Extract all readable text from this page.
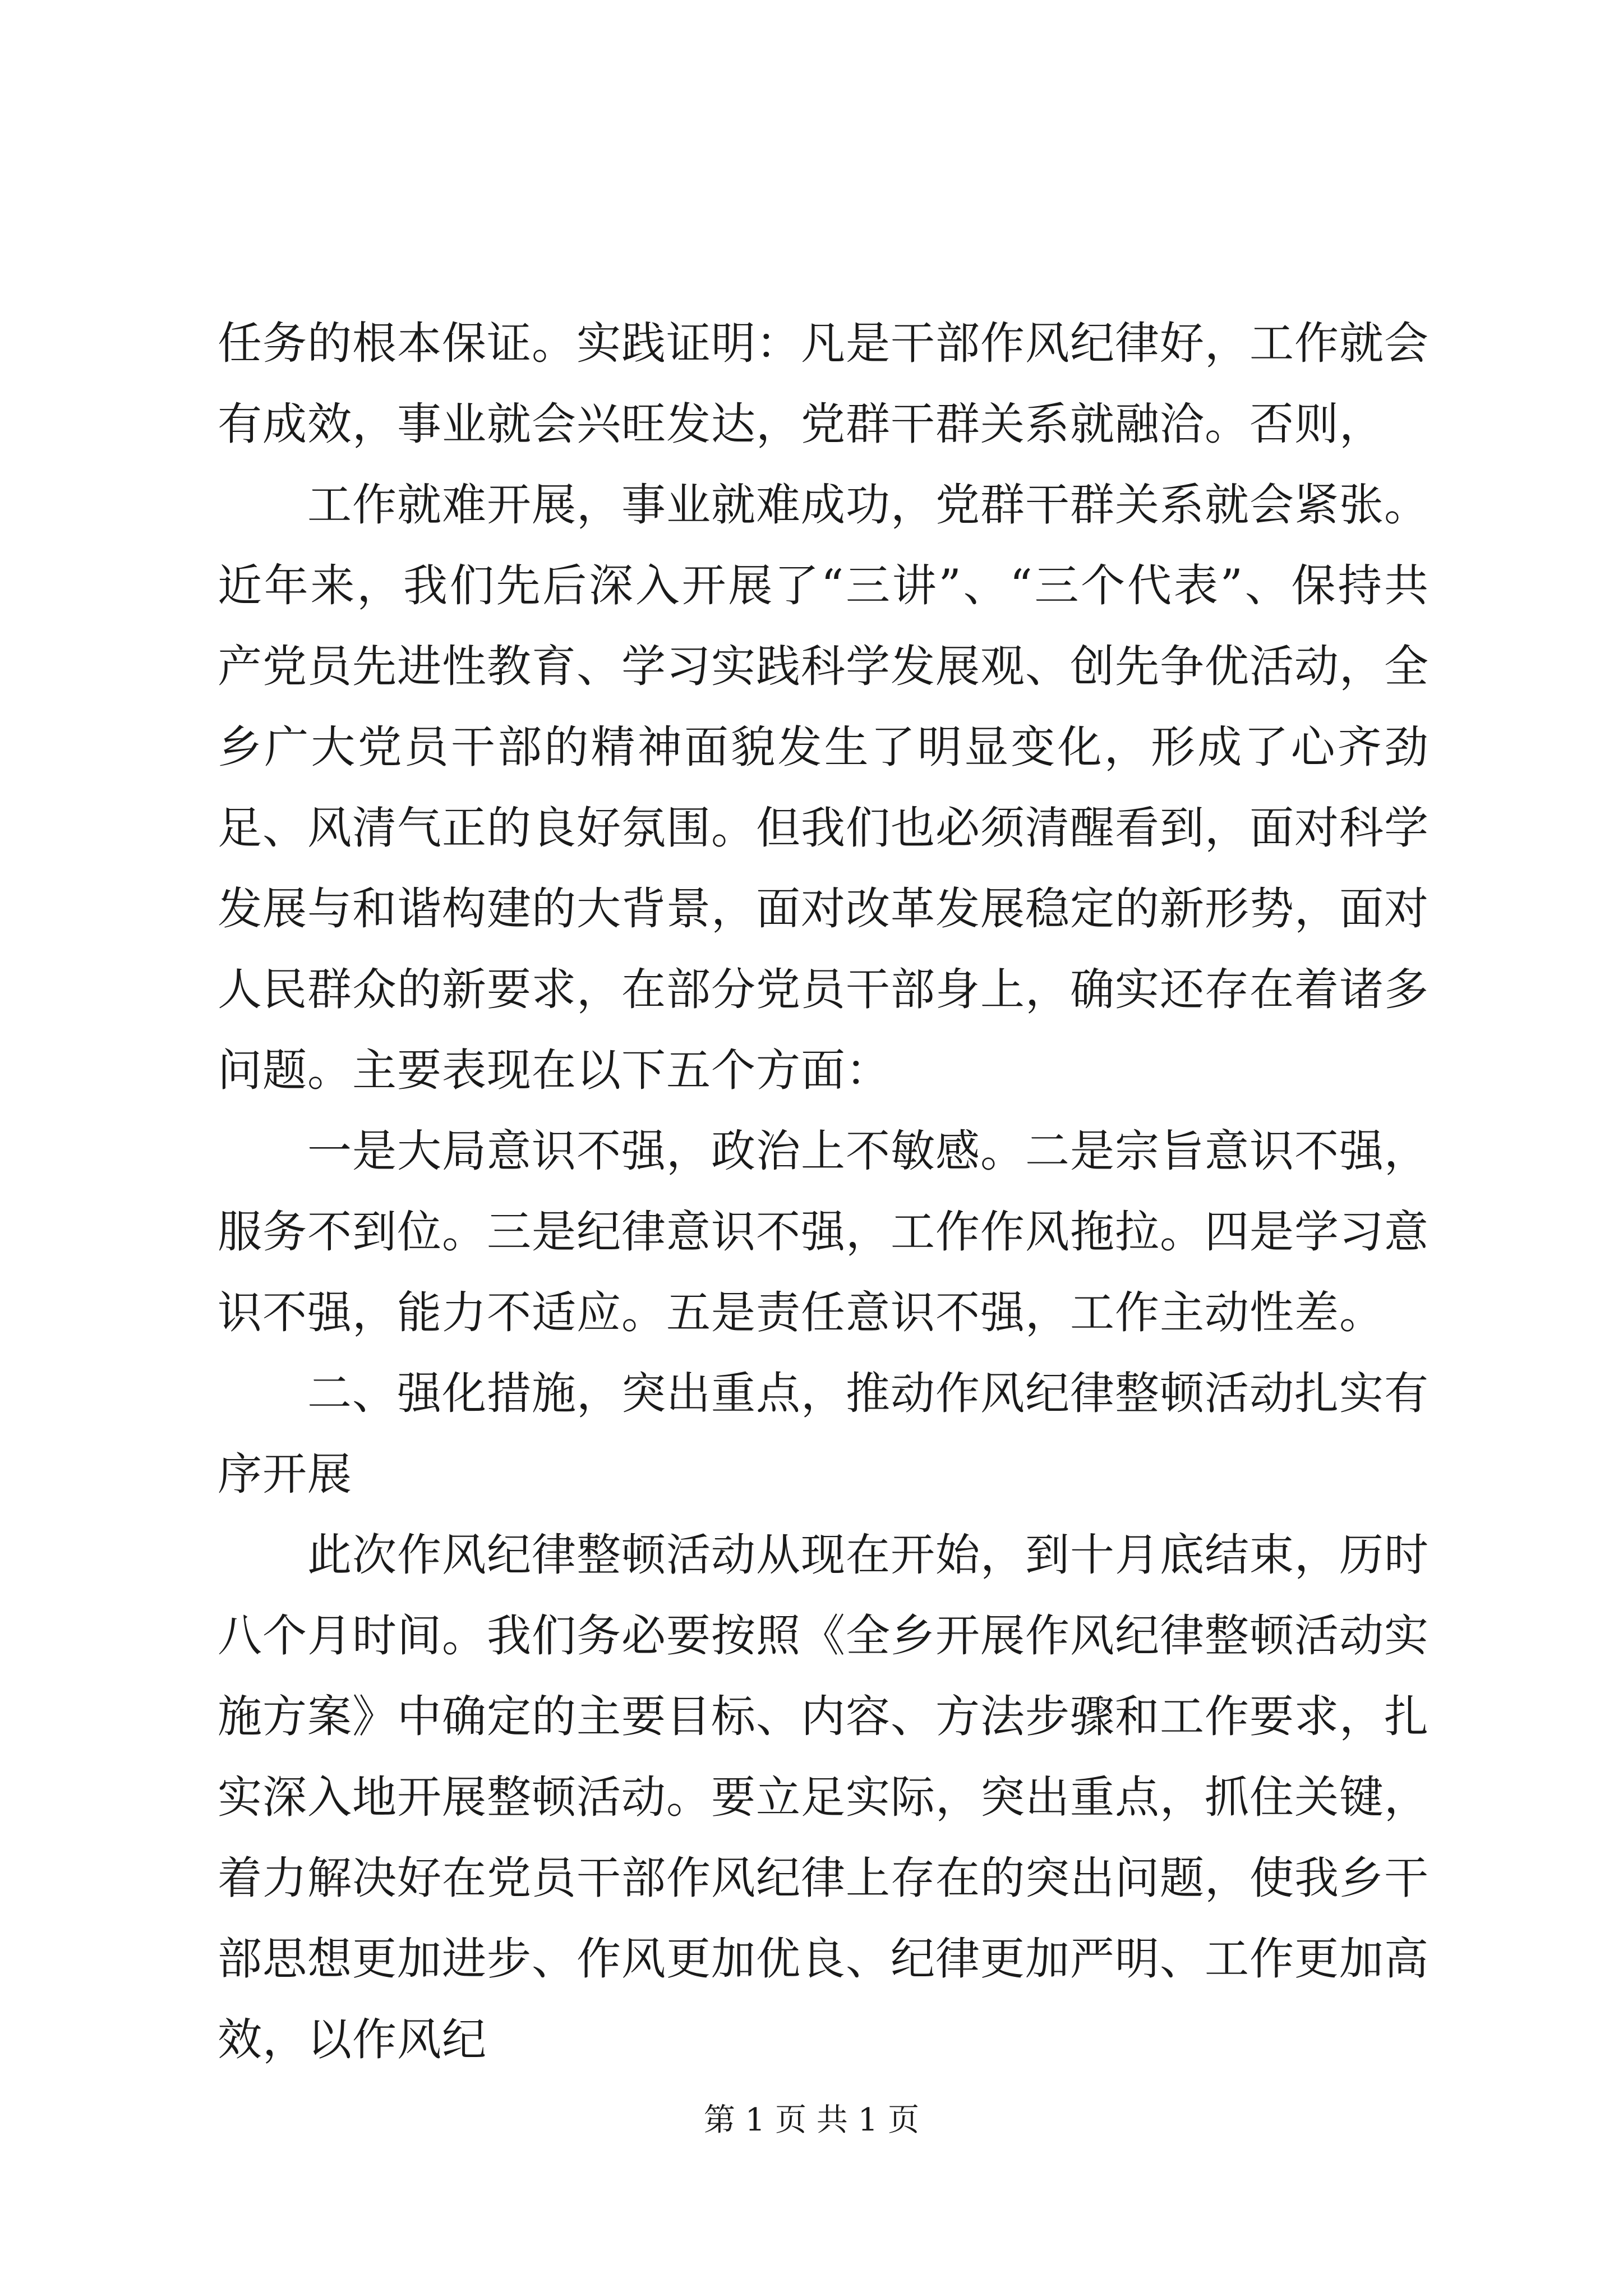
任务的根本保证。实践证明：凡是干部作风纪律好，工作就会有成效，事业就会兴旺发达，党群干群关系就融洽。否则，

工作就难开展，事业就难成功，党群干群关系就会紧张。近年来，我们先后深入开展了“三讲”、“三个代表”、保持共产党员先进性教育、学习实践科学发展观、创先争优活动，全乡广大党员干部的精神面貌发生了明显变化，形成了心齐劲足、风清气正的良好氛围。但我们也必须清醒看到，面对科学发展与和谐构建的大背景，面对改革发展稳定的新形势，面对人民群众的新要求，在部分党员干部身上，确实还存在着诸多问题。主要表现在以下五个方面：

一是大局意识不强，政治上不敏感。二是宗旨意识不强，服务不到位。三是纪律意识不强，工作作风拖拉。四是学习意识不强，能力不适应。五是责任意识不强，工作主动性差。

二、强化措施，突出重点，推动作风纪律整顿活动扎实有序开展

此次作风纪律整顿活动从现在开始，到十月底结束，历时八个月时间。我们务必要按照《全乡开展作风纪律整顿活动实施方案》中确定的主要目标、内容、方法步骤和工作要求，扎实深入地开展整顿活动。要立足实际，突出重点，抓住关键，着力解决好在党员干部作风纪律上存在的突出问题，使我乡干部思想更加进步、作风更加优良、纪律更加严明、工作更加高效，以作风纪

第 1 页 共 1 页
